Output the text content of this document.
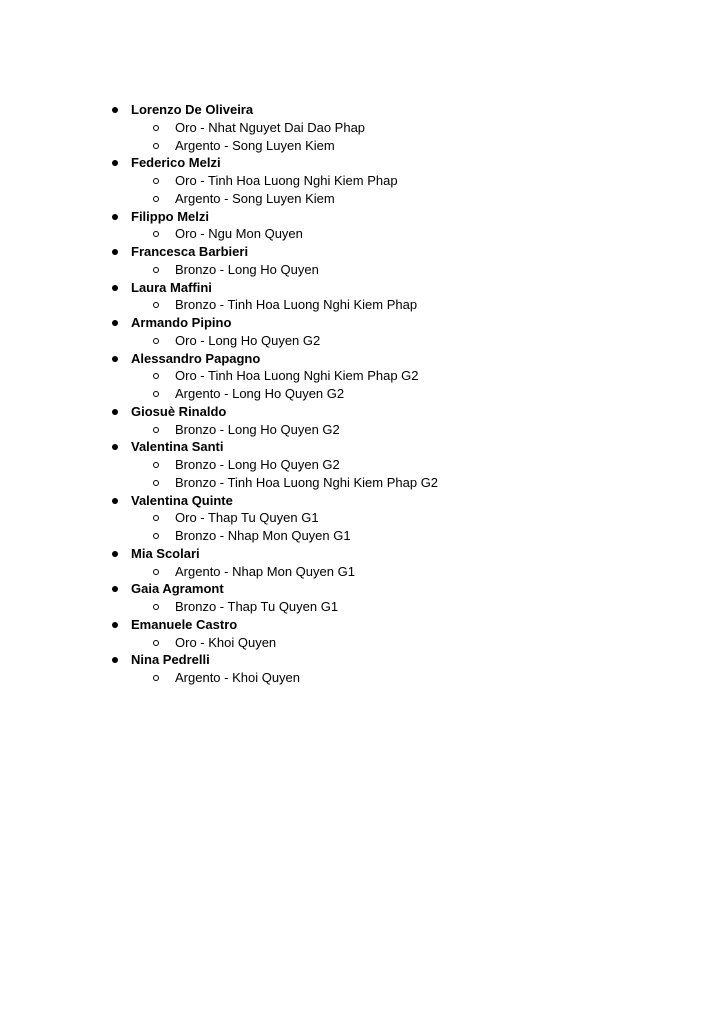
Lorenzo De Oliveira
Oro - Nhat Nguyet Dai Dao Phap
Argento - Song Luyen Kiem
Federico Melzi
Oro - Tinh Hoa Luong Nghi Kiem Phap
Argento - Song Luyen Kiem
Filippo Melzi
Oro - Ngu Mon Quyen
Francesca Barbieri
Bronzo - Long Ho Quyen
Laura Maffini
Bronzo - Tinh Hoa Luong Nghi Kiem Phap
Armando Pipino
Oro - Long Ho Quyen G2
Alessandro Papagno
Oro - Tinh Hoa Luong Nghi Kiem Phap G2
Argento - Long Ho Quyen G2
Giosuè Rinaldo
Bronzo - Long Ho Quyen G2
Valentina Santi
Bronzo - Long Ho Quyen G2
Bronzo - Tinh Hoa Luong Nghi Kiem Phap G2
Valentina Quinte
Oro - Thap Tu Quyen G1
Bronzo - Nhap Mon Quyen G1
Mia Scolari
Argento - Nhap Mon Quyen G1
Gaia Agramont
Bronzo - Thap Tu Quyen G1
Emanuele Castro
Oro - Khoi Quyen
Nina Pedrelli
Argento - Khoi Quyen
